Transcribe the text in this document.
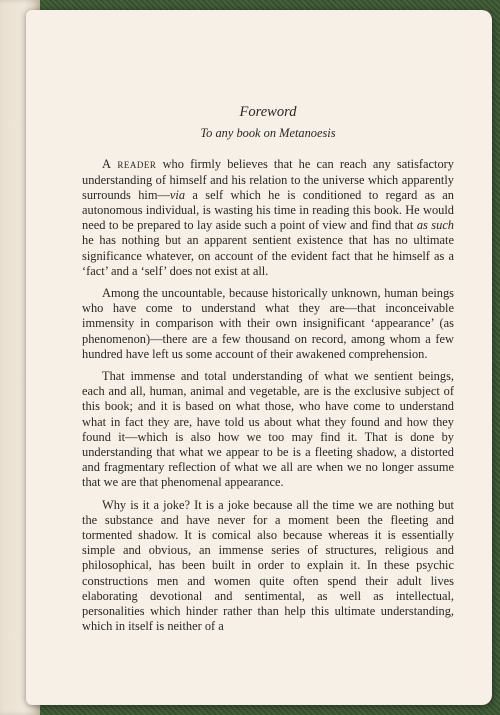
Foreword
To any book on Metanoesis

A reader who firmly believes that he can reach any satisfactory understanding of himself and his relation to the universe which apparently surrounds him—via a self which he is conditioned to regard as an autonomous individual, is wasting his time in reading this book. He would need to be prepared to lay aside such a point of view and find that as such he has nothing but an apparent sentient existence that has no ultimate significance whatever, on account of the evident fact that he himself as a ‘fact’ and a ‘self’ does not exist at all.

Among the uncountable, because historically unknown, human beings who have come to understand what they are—that inconceivable immensity in comparison with their own insignificant ‘appearance’ (as phenomenon)—there are a few thousand on record, among whom a few hundred have left us some account of their awakened comprehension.

That immense and total understanding of what we sentient beings, each and all, human, animal and vegetable, are is the exclusive subject of this book; and it is based on what those, who have come to understand what in fact they are, have told us about what they found and how they found it—which is also how we too may find it. That is done by understanding that what we appear to be is a fleeting shadow, a distorted and fragmentary reflection of what we all are when we no longer assume that we are that phenomenal appearance.

Why is it a joke? It is a joke because all the time we are nothing but the substance and have never for a moment been the fleeting and tormented shadow. It is comical also because whereas it is essentially simple and obvious, an immense series of structures, religious and philosophical, has been built in order to explain it. In these psychic constructions men and women quite often spend their adult lives elaborating devotional and sentimental, as well as intellectual, personalities which hinder rather than help this ultimate understanding, which in itself is neither of a
